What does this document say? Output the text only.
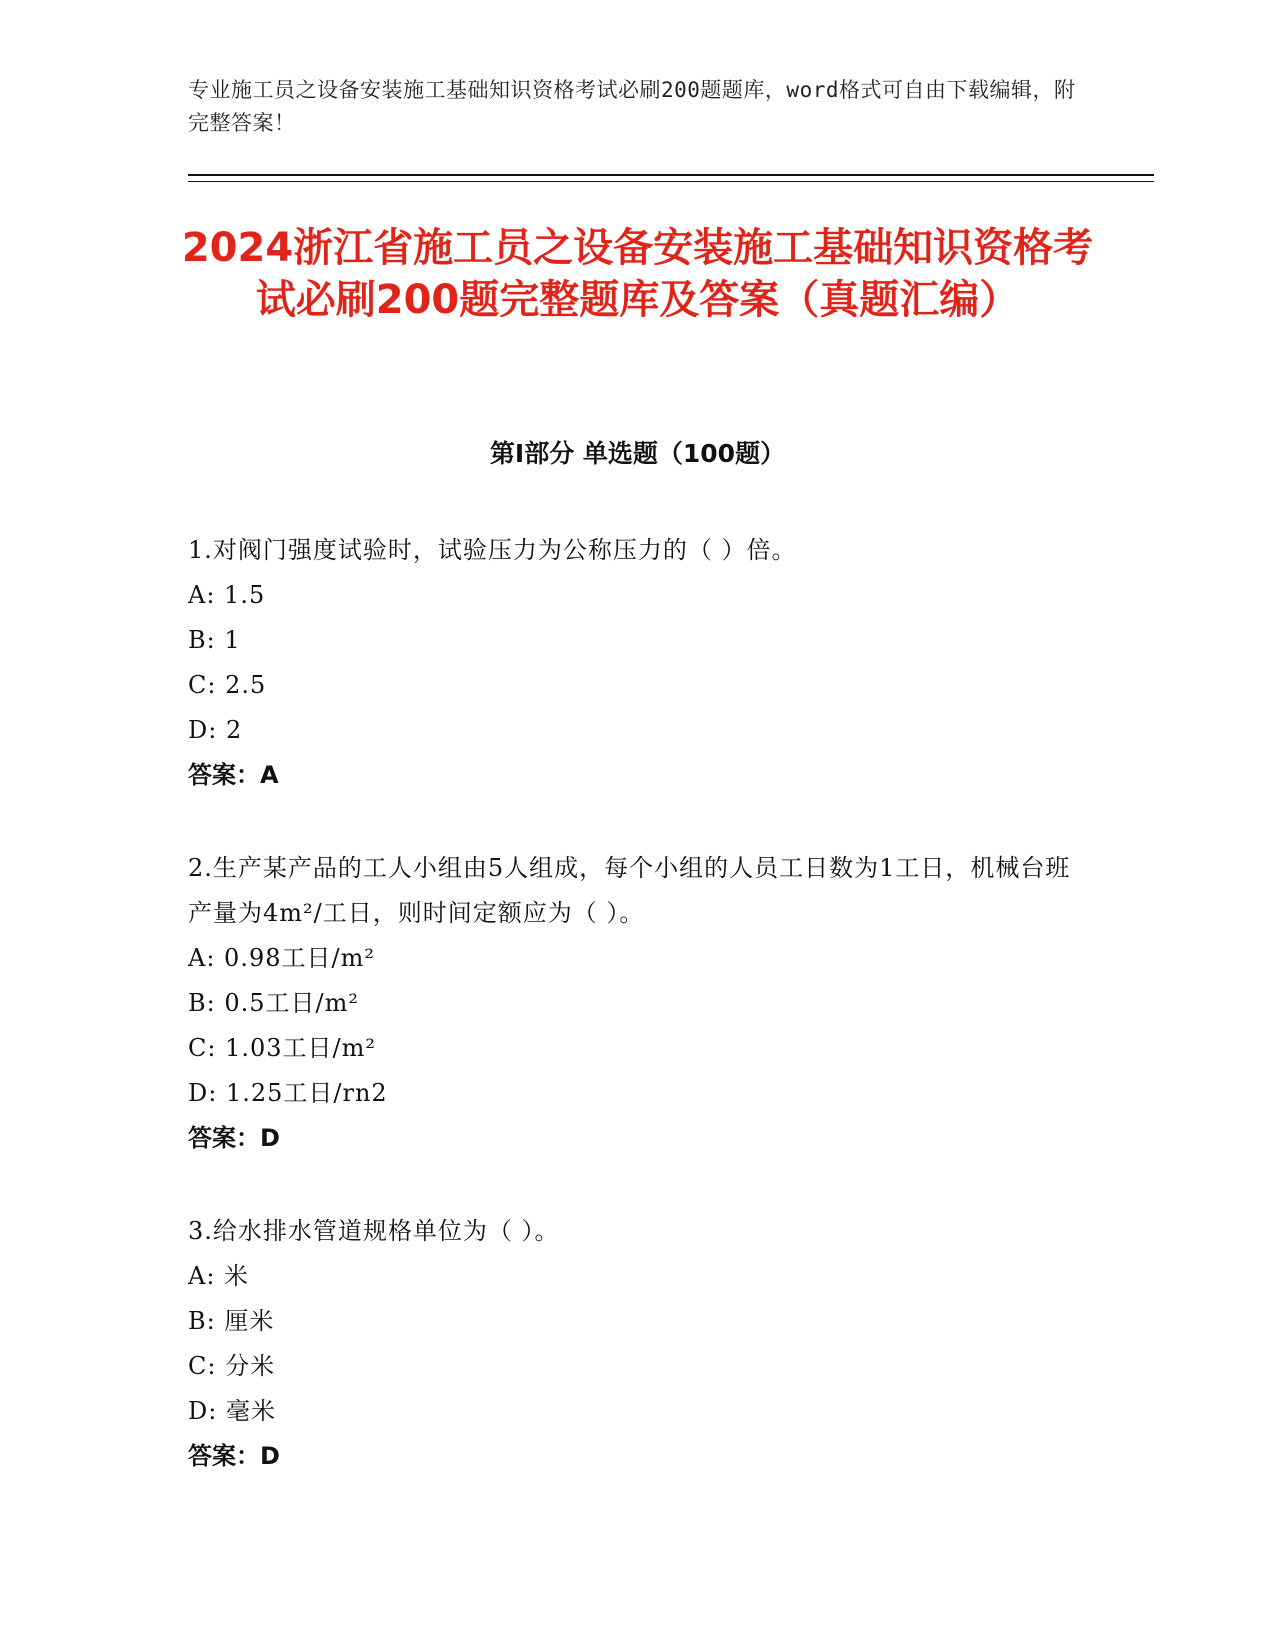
专业施工员之设备安装施工基础知识资格考试必刷200题题库，word格式可自由下载编辑，附完整答案！
2024浙江省施工员之设备安装施工基础知识资格考试必刷200题完整题库及答案（真题汇编）
第I部分 单选题（100题）
1.对阀门强度试验时，试验压力为公称压力的（ ）倍。
A: 1.5
B: 1
C: 2.5
D: 2
答案：A
2.生产某产品的工人小组由5人组成，每个小组的人员工日数为1工日，机械台班产量为4m²/工日，则时间定额应为（ ）。
A: 0.98工日/m²
B: 0.5工日/m²
C: 1.03工日/m²
D: 1.25工日/rn2
答案：D
3.给水排水管道规格单位为（ ）。
A: 米
B: 厘米
C: 分米
D: 毫米
答案：D
